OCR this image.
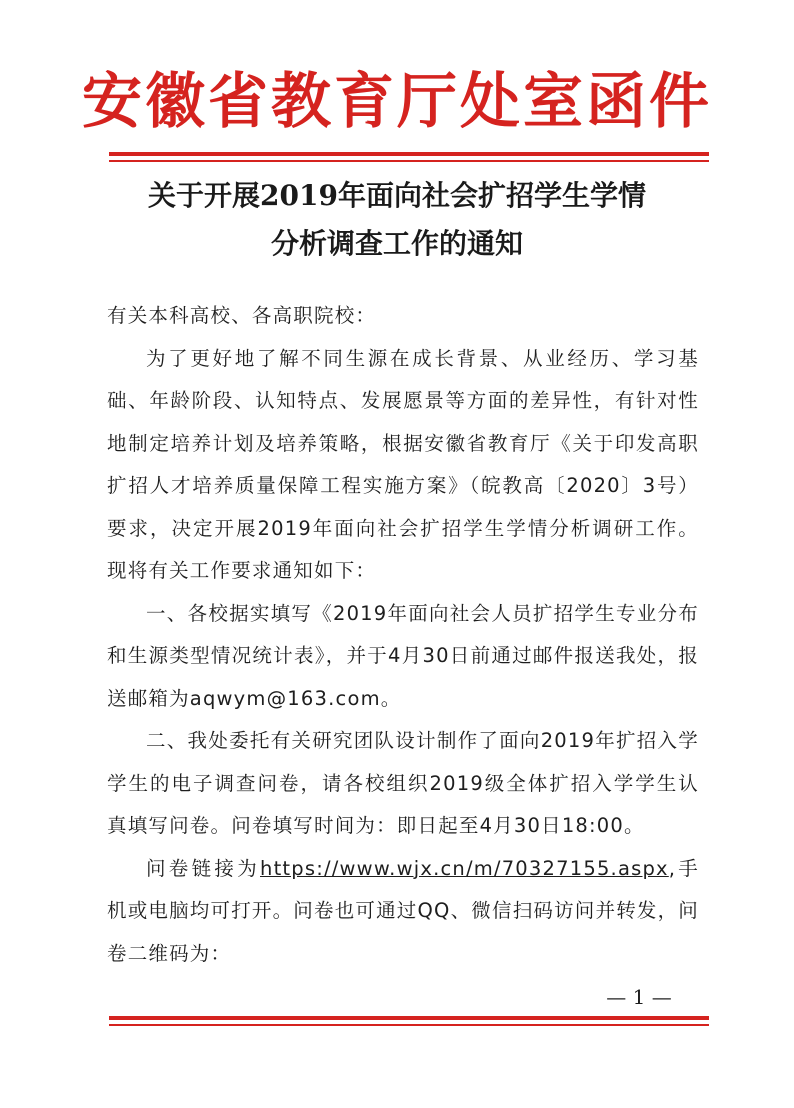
安徽省教育厅处室函件
关于开展2019年面向社会扩招学生学情
分析调查工作的通知

有关本科高校、各高职院校：

为了更好地了解不同生源在成长背景、从业经历、学习基础、年龄阶段、认知特点、发展愿景等方面的差异性，有针对性地制定培养计划及培养策略，根据安徽省教育厅《关于印发高职扩招人才培养质量保障工程实施方案》（皖教高〔2020〕3号）要求，决定开展2019年面向社会扩招学生学情分析调研工作。现将有关工作要求通知如下：

一、各校据实填写《2019年面向社会人员扩招学生专业分布和生源类型情况统计表》，并于4月30日前通过邮件报送我处，报送邮箱为aqwym@163.com。

二、我处委托有关研究团队设计制作了面向2019年扩招入学学生的电子调查问卷，请各校组织2019级全体扩招入学学生认真填写问卷。问卷填写时间为：即日起至4月30日18:00。

问卷链接为https://www.wjx.cn/m/70327155.aspx,手机或电脑均可打开。问卷也可通过QQ、微信扫码访问并转发，问卷二维码为：

— 1 —
